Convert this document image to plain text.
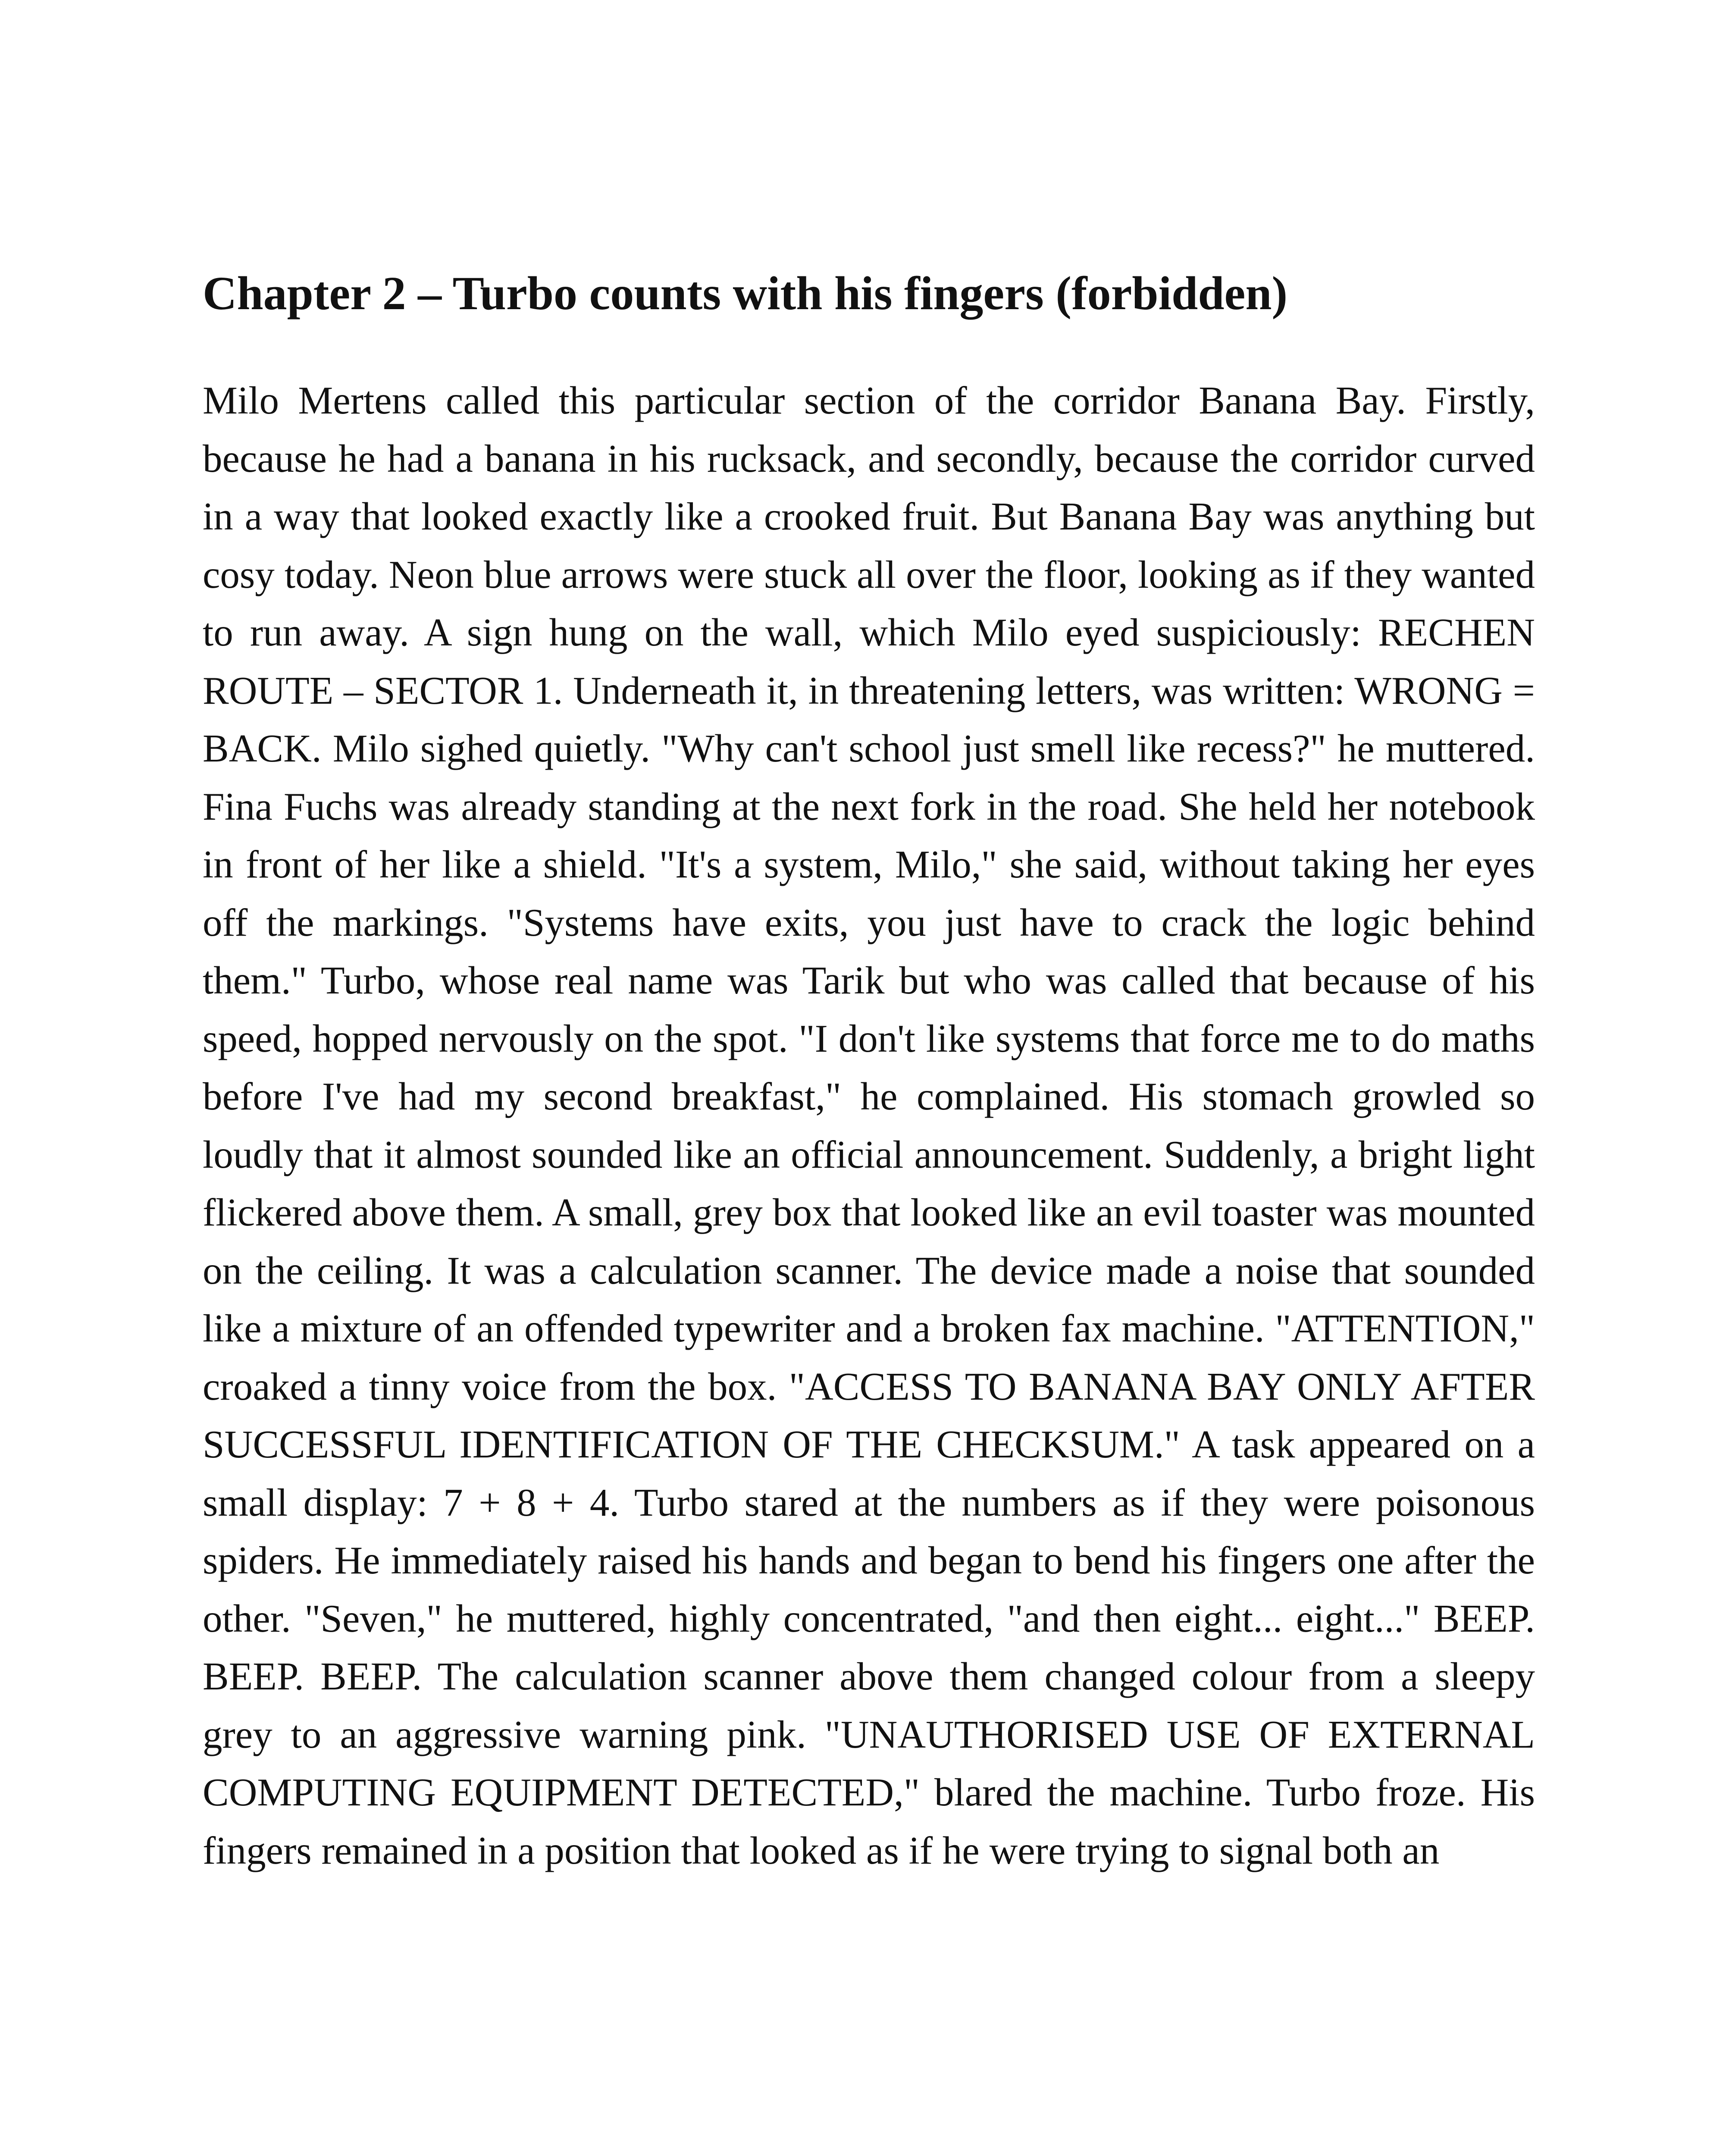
Chapter 2 – Turbo counts with his fingers (forbidden)

Milo Mertens called this particular section of the corridor Banana Bay. Firstly, because he had a banana in his rucksack, and secondly, because the corridor curved in a way that looked exactly like a crooked fruit. But Banana Bay was anything but cosy today. Neon blue arrows were stuck all over the floor, looking as if they wanted to run away. A sign hung on the wall, which Milo eyed suspiciously: RECHEN ROUTE – SECTOR 1. Underneath it, in threatening letters, was written: WRONG = BACK. Milo sighed quietly. "Why can't school just smell like recess?" he muttered. Fina Fuchs was already standing at the next fork in the road. She held her notebook in front of her like a shield. "It's a system, Milo," she said, without taking her eyes off the markings. "Systems have exits, you just have to crack the logic behind them." Turbo, whose real name was Tarik but who was called that because of his speed, hopped nervously on the spot. "I don't like systems that force me to do maths before I've had my second breakfast," he complained. His stomach growled so loudly that it almost sounded like an official announcement. Suddenly, a bright light flickered above them. A small, grey box that looked like an evil toaster was mounted on the ceiling. It was a calculation scanner. The device made a noise that sounded like a mixture of an offended typewriter and a broken fax machine. "ATTENTION," croaked a tinny voice from the box. "ACCESS TO BANANA BAY ONLY AFTER SUCCESSFUL IDENTIFICATION OF THE CHECKSUM." A task appeared on a small display: 7 + 8 + 4. Turbo stared at the numbers as if they were poisonous spiders. He immediately raised his hands and began to bend his fingers one after the other. "Seven," he muttered, highly concentrated, "and then eight... eight..." BEEP. BEEP. BEEP. The calculation scanner above them changed colour from a sleepy grey to an aggressive warning pink. "UNAUTHORISED USE OF EXTERNAL COMPUTING EQUIPMENT DETECTED," blared the machine. Turbo froze. His fingers remained in a position that looked as if he were trying to signal both an
